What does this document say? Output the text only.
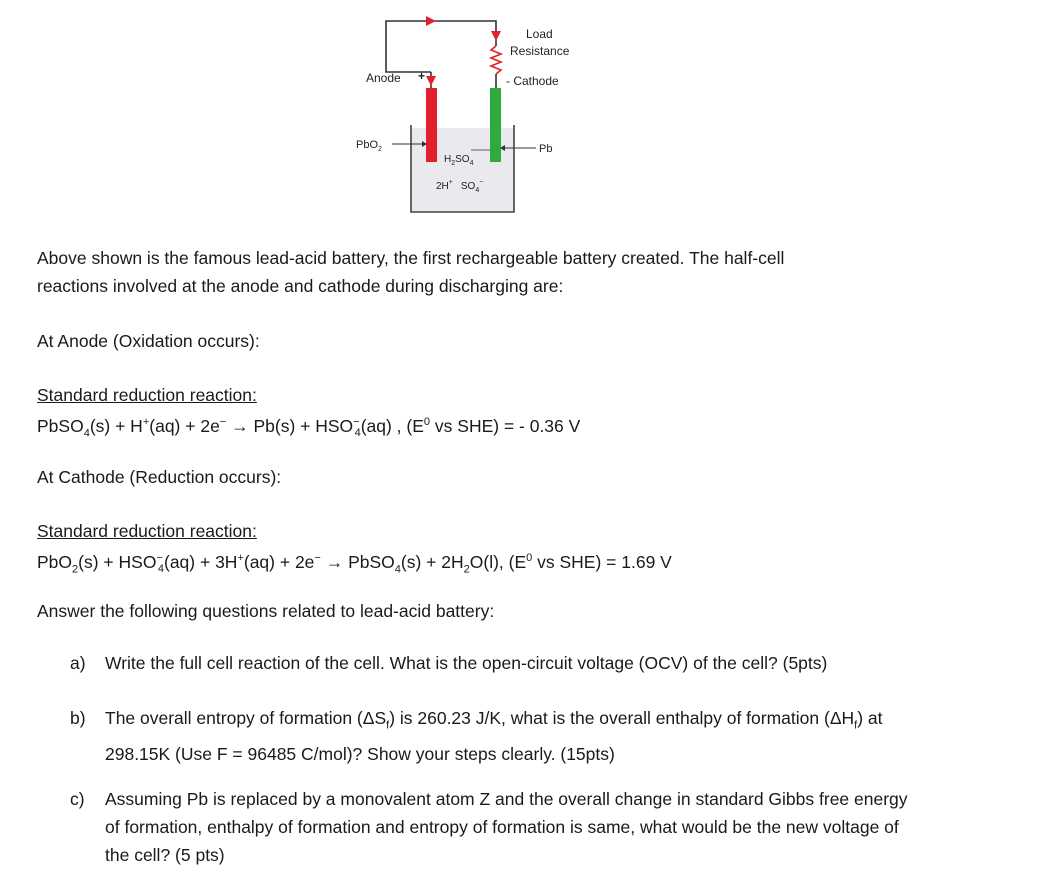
Load
Resistance
Anode +	- Cathode
PbO$_2$	Pb
$H_2SO_4$
2H+ $SO_4^-$
Above shown is the famous lead-acid battery, the first rechargeable battery created. The half-cell
reactions involved at the anode and cathode during discharging are:
At Anode (Oxidation occurs):
Standard reduction reaction:
PbSO$_4$(s) + $H^+(aq) + 2e^- \to Pb(s) + HSO^-_4(aq)$ , ($E^0$ vs SHE) = - 0.36 V
At Cathode (Reduction occurs):
Standard reduction reaction:
$PbO_2(s) + HSO^-_4(aq) + 3H^+(aq) + 2e^-$ → PbSO$_4$(s) + $2H_2O(l)$, ($E^0$ vs SHE) = 1.69 V
Answer the following questions related to lead-acid battery:
a)	Write the full cell reaction of the cell. What is the open-circuit voltage (OCV) of the cell? (5pts)
b)	The overall entropy of formation $(\Delta S_f)$ is 260.23 J/K, what is the overall enthalpy of formation $(\Delta H_f)$ at 298.15K (Use F = 96485 C/mol)? Show your steps clearly. (15pts)
c)	Assuming Pb is replaced by a monovalent atom Z and the overall change in standard Gibbs free energy of formation, enthalpy of formation and entropy of formation is same, what would be the new voltage of the cell? (5 pts)
